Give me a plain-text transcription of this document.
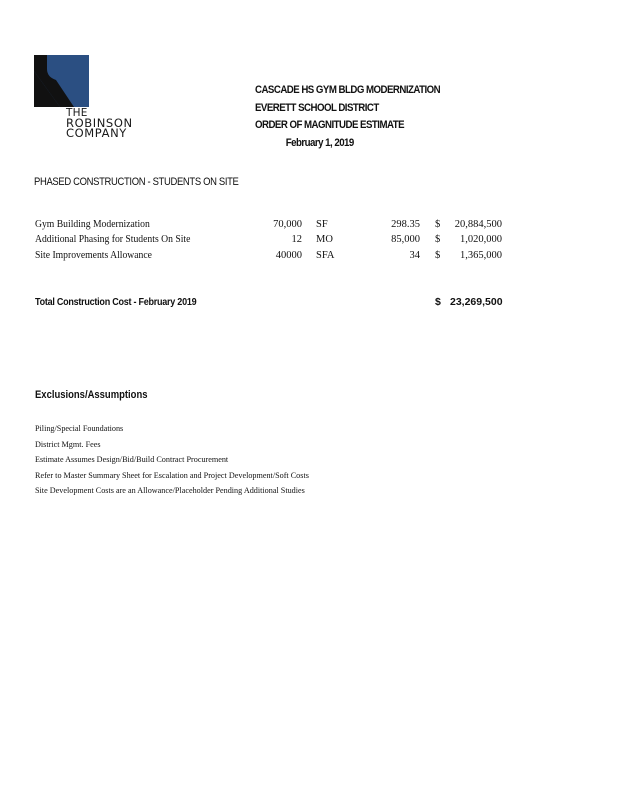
THE
ROBINSON
COMPANY
CASCADE HS GYM BLDG MODERNIZATION
EVERETT SCHOOL DISTRICT
ORDER OF MAGNITUDE ESTIMATE
February 1, 2019
PHASED CONSTRUCTION - STUDENTS ON SITE
Gym Building Modernization	70,000 SF	298.35 $ 20,884,500
Additional Phasing for Students On Site	12 MO	85,000 $ 1,020,000
Site Improvements Allowance	40000 SFA	34 $ 1,365,000
Total Construction Cost - February 2019	$ 23,269,500
Exclusions/Assumptions
Piling/Special Foundations
District Mgmt. Fees
Estimate Assumes Design/Bid/Build Contract Procurement
Refer to Master Summary Sheet for Escalation and Project Development/Soft Costs
Site Development Costs are an Allowance/Placeholder Pending Additional Studies
